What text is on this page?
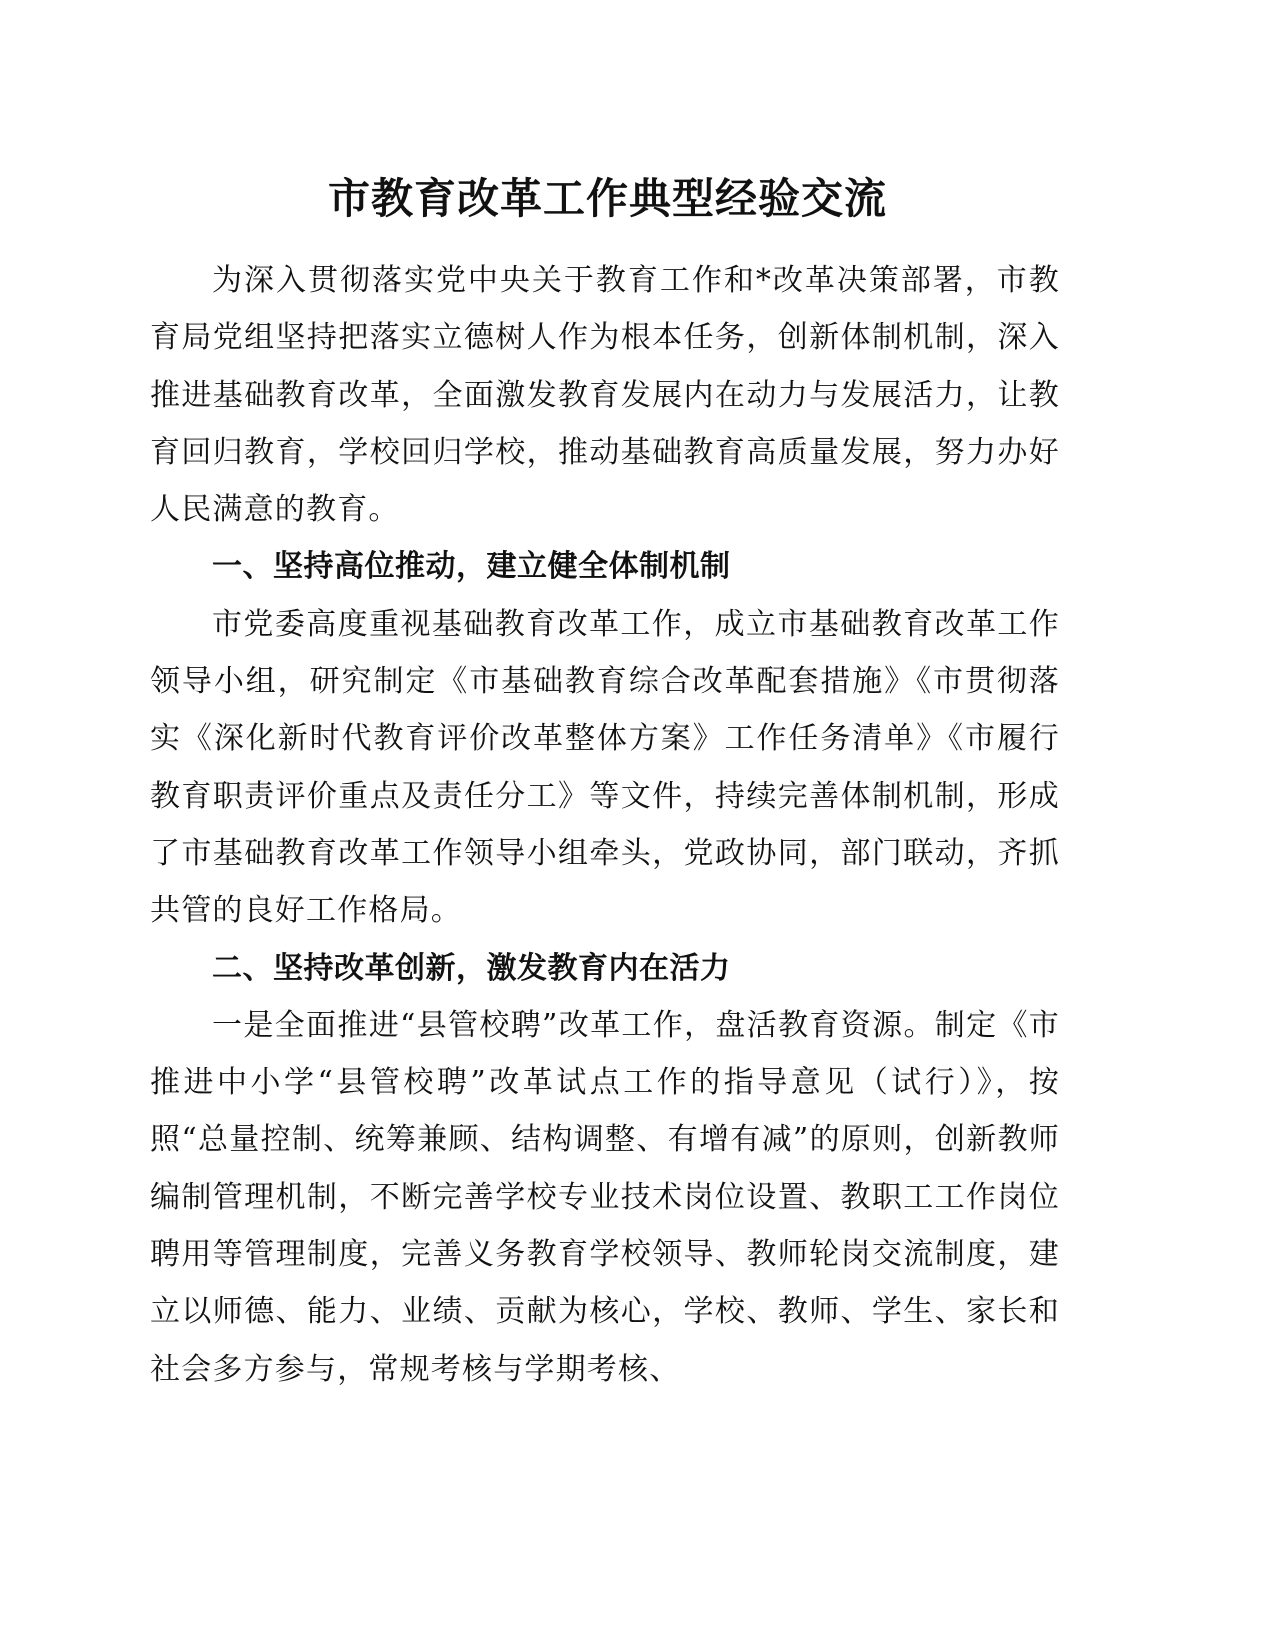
市教育改革工作典型经验交流

为深入贯彻落实党中央关于教育工作和*改革决策部署，市教育局党组坚持把落实立德树人作为根本任务，创新体制机制，深入推进基础教育改革，全面激发教育发展内在动力与发展活力，让教育回归教育，学校回归学校，推动基础教育高质量发展，努力办好人民满意的教育。

一、坚持高位推动，建立健全体制机制

市党委高度重视基础教育改革工作，成立市基础教育改革工作领导小组，研究制定《市基础教育综合改革配套措施》《市贯彻落实《深化新时代教育评价改革整体方案》工作任务清单》《市履行教育职责评价重点及责任分工》等文件，持续完善体制机制，形成了市基础教育改革工作领导小组牵头，党政协同，部门联动，齐抓共管的良好工作格局。

二、坚持改革创新，激发教育内在活力

一是全面推进“县管校聘”改革工作，盘活教育资源。制定《市推进中小学“县管校聘”改革试点工作的指导意见（试行）》，按照“总量控制、统筹兼顾、结构调整、有增有减”的原则，创新教师编制管理机制，不断完善学校专业技术岗位设置、教职工工作岗位聘用等管理制度，完善义务教育学校领导、教师轮岗交流制度，建立以师德、能力、业绩、贡献为核心，学校、教师、学生、家长和社会多方参与，常规考核与学期考核、
